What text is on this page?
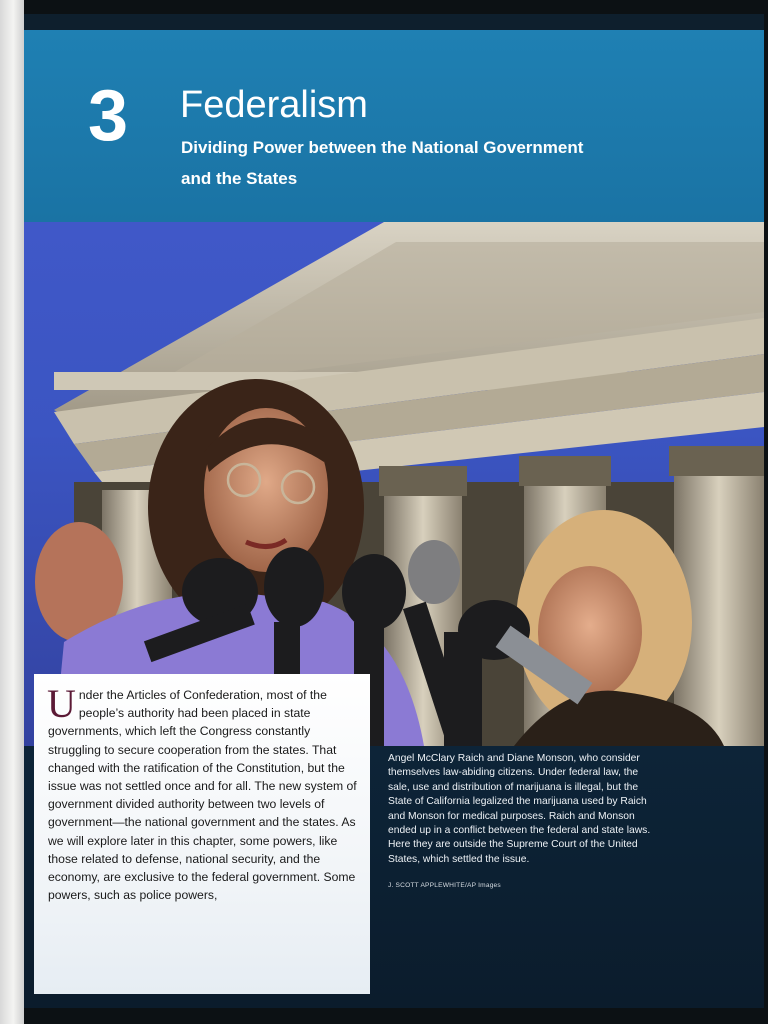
3 Federalism
Dividing Power between the National Government and the States
Under the Articles of Confederation, most of the people’s authority had been placed in state governments, which left the Congress constantly struggling to secure cooperation from the states. That changed with the ratification of the Constitution, but the issue was not settled once and for all. The new system of government divided authority between two levels of government—the national government and the states. As we will explore later in this chapter, some powers, like those related to defense, national security, and the economy, are exclusive to the federal government. Some powers, such as police powers,
Angel McClary Raich and Diane Monson, who consider themselves law-abiding citizens. Under federal law, the sale, use and distribution of marijuana is illegal, but the State of California legalized the marijuana used by Raich and Monson for medical purposes. Raich and Monson ended up in a conflict between the federal and state laws. Here they are outside the Supreme Court of the United States, which settled the issue.
J. SCOTT APPLEWHITE/AP Images
